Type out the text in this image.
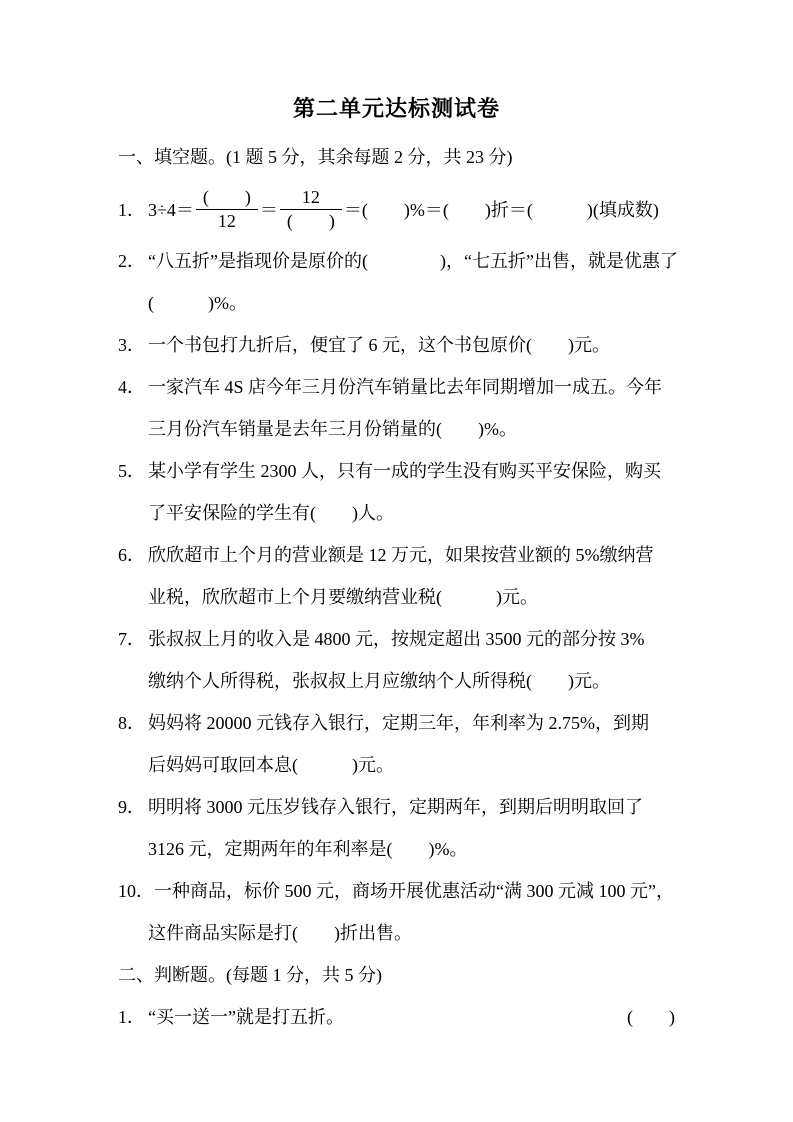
第二单元达标测试卷
一、填空题。(1 题 5 分，其余每题 2 分，共 23 分)
1． $3\div 4= \frac{( )}{12} = \frac{12}{( )}$ ＝(　　)%＝(　　)折＝(　　　)(填成数)
2． “八五折”是指现价是原价的(　　　　)，“七五折”出售，就是优惠了
(　　　)%。
3． 一个书包打九折后，便宜了 6 元，这个书包原价(　　)元。
4． 一家汽车 4S 店今年三月份汽车销量比去年同期增加一成五。今年
三月份汽车销量是去年三月份销量的(　　)%。
5． 某小学有学生 2300 人，只有一成的学生没有购买平安保险，购买
了平安保险的学生有(　　)人。
6． 欣欣超市上个月的营业额是 12 万元，如果按营业额的 5%缴纳营
业税，欣欣超市上个月要缴纳营业税(　　　)元。
7． 张叔叔上月的收入是 4800 元，按规定超出 3500 元的部分按 3%
缴纳个人所得税，张叔叔上月应缴纳个人所得税(　　)元。
8． 妈妈将 20000 元钱存入银行，定期三年，年利率为 2.75%，到期
后妈妈可取回本息(　　　)元。
9． 明明将 3000 元压岁钱存入银行，定期两年，到期后明明取回了
3126 元，定期两年的年利率是(　　)%。
10．一种商品，标价 500 元，商场开展优惠活动“满 300 元减 100 元”，
这件商品实际是打(　　)折出售。
二、判断题。(每题 1 分，共 5 分)
1． “买一送一”就是打五折。	(　　)
